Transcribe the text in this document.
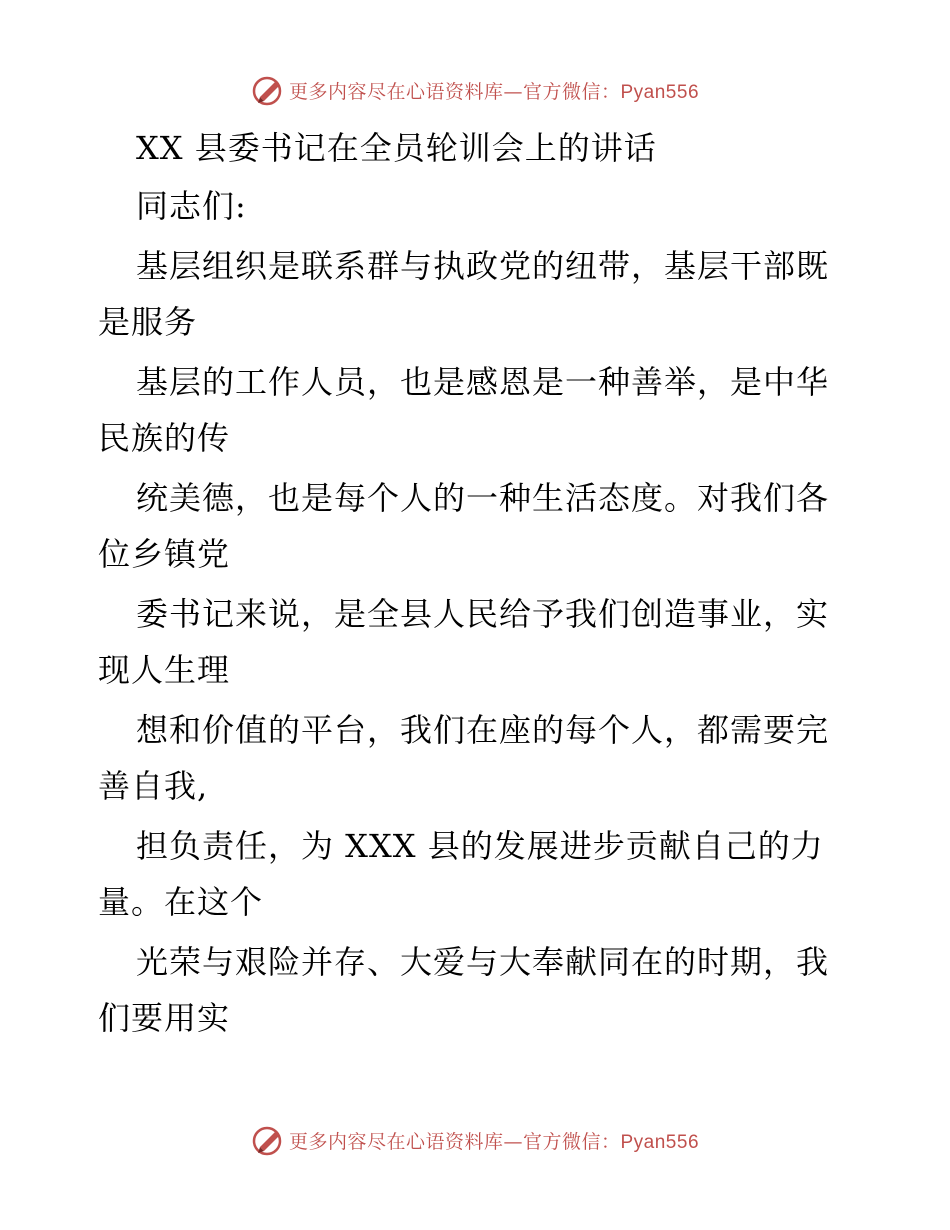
更多内容尽在心语资料库—官方微信：Pyan556
XX 县委书记在全员轮训会上的讲话
同志们:
基层组织是联系群与执政党的纽带，基层干部既
是服务
基层的工作人员，也是感恩是一种善举，是中华
民族的传
统美德，也是每个人的一种生活态度。对我们各
位乡镇党
委书记来说，是全县人民给予我们创造事业，实
现人生理
想和价值的平台，我们在座的每个人，都需要完
善自我,
担负责任，为 XXX 县的发展进步贡献自己的力
量。在这个
光荣与艰险并存、大爱与大奉献同在的时期，我
们要用实
更多内容尽在心语资料库—官方微信：Pyan556
